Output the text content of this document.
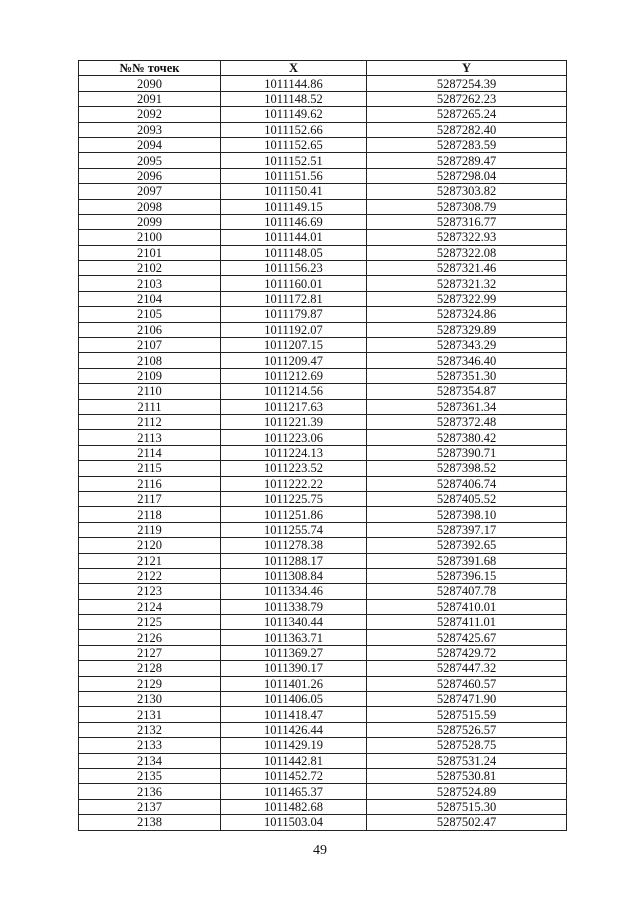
№№ точек	X	Y
2090	1011144.86	5287254.39
2091	1011148.52	5287262.23
2092	1011149.62	5287265.24
2093	1011152.66	5287282.40
2094	1011152.65	5287283.59
2095	1011152.51	5287289.47
2096	1011151.56	5287298.04
2097	1011150.41	5287303.82
2098	1011149.15	5287308.79
2099	1011146.69	5287316.77
2100	1011144.01	5287322.93
2101	1011148.05	5287322.08
2102	1011156.23	5287321.46
2103	1011160.01	5287321.32
2104	1011172.81	5287322.99
2105	1011179.87	5287324.86
2106	1011192.07	5287329.89
2107	1011207.15	5287343.29
2108	1011209.47	5287346.40
2109	1011212.69	5287351.30
2110	1011214.56	5287354.87
2111	1011217.63	5287361.34
2112	1011221.39	5287372.48
2113	1011223.06	5287380.42
2114	1011224.13	5287390.71
2115	1011223.52	5287398.52
2116	1011222.22	5287406.74
2117	1011225.75	5287405.52
2118	1011251.86	5287398.10
2119	1011255.74	5287397.17
2120	1011278.38	5287392.65
2121	1011288.17	5287391.68
2122	1011308.84	5287396.15
2123	1011334.46	5287407.78
2124	1011338.79	5287410.01
2125	1011340.44	5287411.01
2126	1011363.71	5287425.67
2127	1011369.27	5287429.72
2128	1011390.17	5287447.32
2129	1011401.26	5287460.57
2130	1011406.05	5287471.90
2131	1011418.47	5287515.59
2132	1011426.44	5287526.57
2133	1011429.19	5287528.75
2134	1011442.81	5287531.24
2135	1011452.72	5287530.81
2136	1011465.37	5287524.89
2137	1011482.68	5287515.30
2138	1011503.04	5287502.47
49
